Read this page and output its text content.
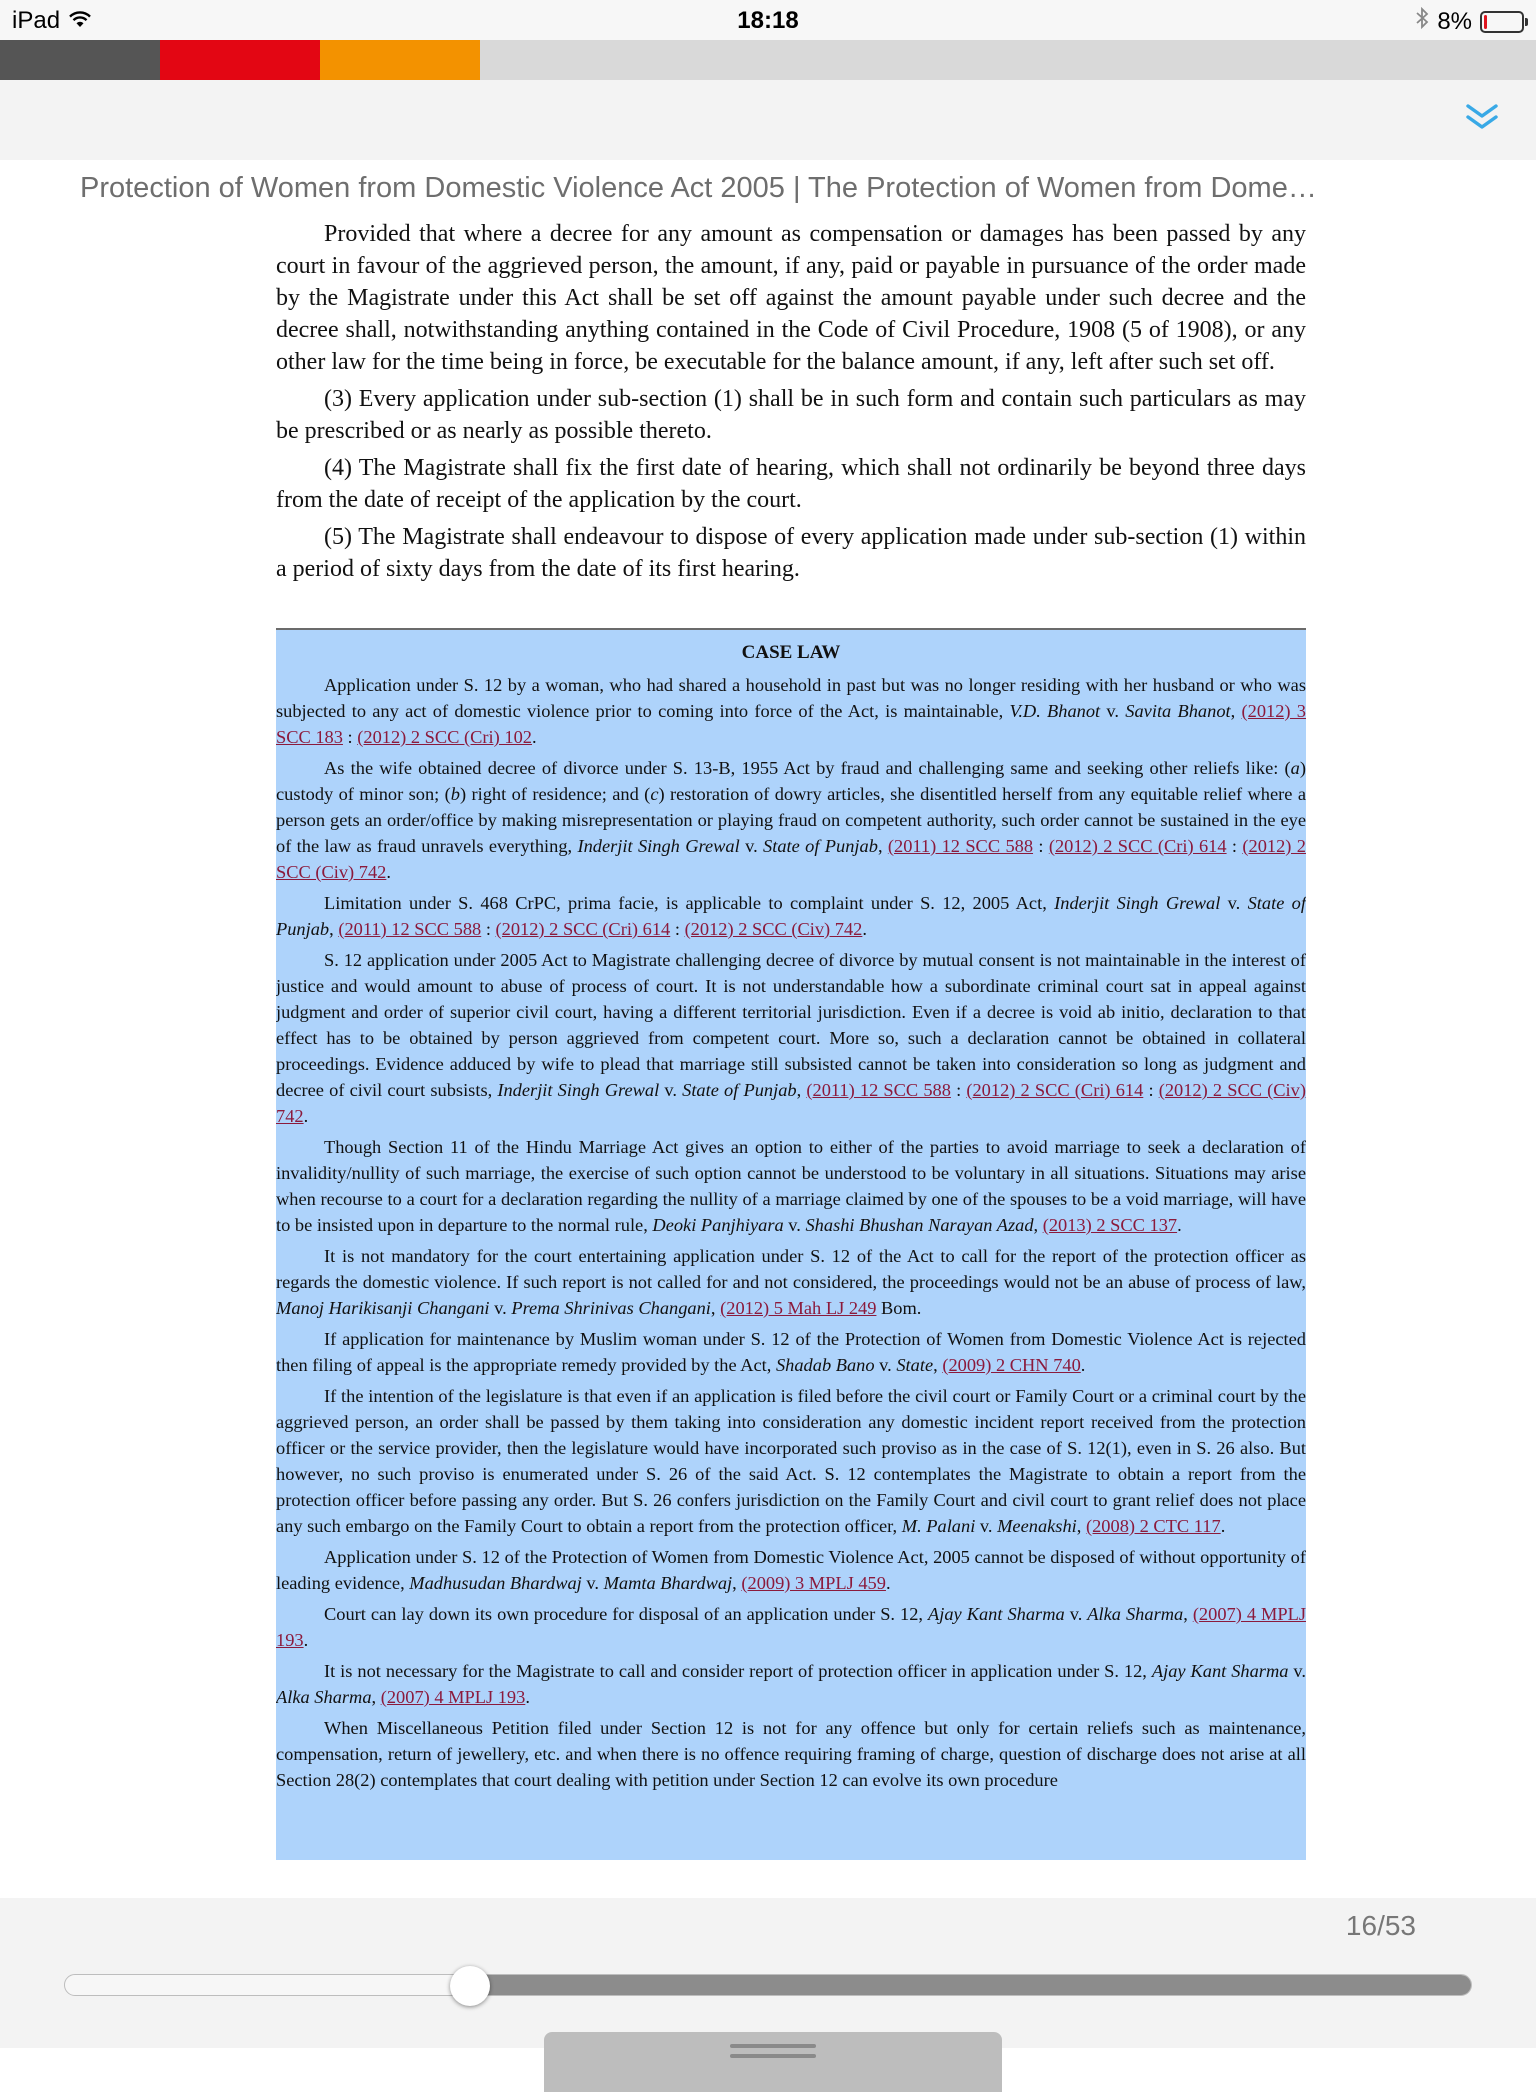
iPad	18:18	8%
Protection of Women from Domestic Violence Act 2005 | The Protection of Women from Dome…

Provided that where a decree for any amount as compensation or damages has been passed by any court in favour of the aggrieved person, the amount, if any, paid or payable in pursuance of the order made by the Magistrate under this Act shall be set off against the amount payable under such decree and the decree shall, notwithstanding anything contained in the Code of Civil Procedure, 1908 (5 of 1908), or any other law for the time being in force, be executable for the balance amount, if any, left after such set off.

(3) Every application under sub-section (1) shall be in such form and contain such particulars as may be prescribed or as nearly as possible thereto.

(4) The Magistrate shall fix the first date of hearing, which shall not ordinarily be beyond three days from the date of receipt of the application by the court.

(5) The Magistrate shall endeavour to dispose of every application made under sub-section (1) within a period of sixty days from the date of its first hearing.

CASE LAW

Application under S. 12 by a woman, who had shared a household in past but was no longer residing with her husband or who was subjected to any act of domestic violence prior to coming into force of the Act, is maintainable, V.D. Bhanot v. Savita Bhanot, (2012) 3 SCC 183 : (2012) 2 SCC (Cri) 102.

As the wife obtained decree of divorce under S. 13-B, 1955 Act by fraud and challenging same and seeking other reliefs like: (a) custody of minor son; (b) right of residence; and (c) restoration of dowry articles, she disentitled herself from any equitable relief where a person gets an order/office by making misrepresentation or playing fraud on competent authority, such order cannot be sustained in the eye of the law as fraud unravels everything, Inderjit Singh Grewal v. State of Punjab, (2011) 12 SCC 588 : (2012) 2 SCC (Cri) 614 : (2012) 2 SCC (Civ) 742.

Limitation under S. 468 CrPC, prima facie, is applicable to complaint under S. 12, 2005 Act, Inderjit Singh Grewal v. State of Punjab, (2011) 12 SCC 588 : (2012) 2 SCC (Cri) 614 : (2012) 2 SCC (Civ) 742.

S. 12 application under 2005 Act to Magistrate challenging decree of divorce by mutual consent is not maintainable in the interest of justice and would amount to abuse of process of court. It is not understandable how a subordinate criminal court sat in appeal against judgment and order of superior civil court, having a different territorial jurisdiction. Even if a decree is void ab initio, declaration to that effect has to be obtained by person aggrieved from competent court. More so, such a declaration cannot be obtained in collateral proceedings. Evidence adduced by wife to plead that marriage still subsisted cannot be taken into consideration so long as judgment and decree of civil court subsists, Inderjit Singh Grewal v. State of Punjab, (2011) 12 SCC 588 : (2012) 2 SCC (Cri) 614 : (2012) 2 SCC (Civ) 742.

Though Section 11 of the Hindu Marriage Act gives an option to either of the parties to avoid marriage to seek a declaration of invalidity/nullity of such marriage, the exercise of such option cannot be understood to be voluntary in all situations. Situations may arise when recourse to a court for a declaration regarding the nullity of a marriage claimed by one of the spouses to be a void marriage, will have to be insisted upon in departure to the normal rule, Deoki Panjhiyara v. Shashi Bhushan Narayan Azad, (2013) 2 SCC 137.

It is not mandatory for the court entertaining application under S. 12 of the Act to call for the report of the protection officer as regards the domestic violence. If such report is not called for and not considered, the proceedings would not be an abuse of process of law, Manoj Harikisanji Changani v. Prema Shrinivas Changani, (2012) 5 Mah LJ 249 Bom.

If application for maintenance by Muslim woman under S. 12 of the Protection of Women from Domestic Violence Act is rejected then filing of appeal is the appropriate remedy provided by the Act, Shadab Bano v. State, (2009) 2 CHN 740.

If the intention of the legislature is that even if an application is filed before the civil court or Family Court or a criminal court by the aggrieved person, an order shall be passed by them taking into consideration any domestic incident report received from the protection officer or the service provider, then the legislature would have incorporated such proviso as in the case of S. 12(1), even in S. 26 also. But however, no such proviso is enumerated under S. 26 of the said Act. S. 12 contemplates the Magistrate to obtain a report from the protection officer before passing any order. But S. 26 confers jurisdiction on the Family Court and civil court to grant relief does not place any such embargo on the Family Court to obtain a report from the protection officer, M. Palani v. Meenakshi, (2008) 2 CTC 117.

Application under S. 12 of the Protection of Women from Domestic Violence Act, 2005 cannot be disposed of without opportunity of leading evidence, Madhusudan Bhardwaj v. Mamta Bhardwaj, (2009) 3 MPLJ 459.

Court can lay down its own procedure for disposal of an application under S. 12, Ajay Kant Sharma v. Alka Sharma, (2007) 4 MPLJ 193.

It is not necessary for the Magistrate to call and consider report of protection officer in application under S. 12, Ajay Kant Sharma v. Alka Sharma, (2007) 4 MPLJ 193.

When Miscellaneous Petition filed under Section 12 is not for any offence but only for certain reliefs such as maintenance, compensation, return of jewellery, etc. and when there is no offence requiring framing of charge, question of discharge does not arise at all Section 28(2) contemplates that court dealing with petition under Section 12 can evolve its own procedure

16/53
